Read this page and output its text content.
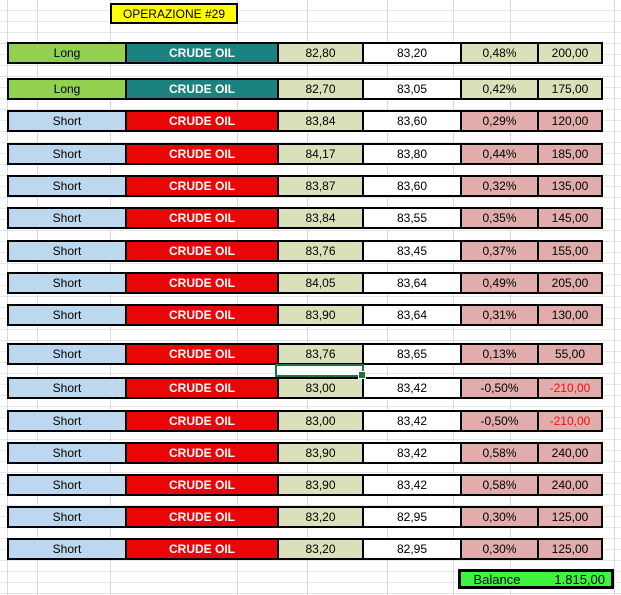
OPERAZIONE #29
Long	CRUDE OIL	82,80	83,20	0,48%	200,00
Long	CRUDE OIL	82,70	83,05	0,42%	175,00
Short	CRUDE OIL	83,84	83,60	0,29%	120,00
Short	CRUDE OIL	84,17	83,80	0,44%	185,00
Short	CRUDE OIL	83,87	83,60	0,32%	135,00
Short	CRUDE OIL	83,84	83,55	0,35%	145,00
Short	CRUDE OIL	83,76	83,45	0,37%	155,00
Short	CRUDE OIL	84,05	83,64	0,49%	205,00
Short	CRUDE OIL	83,90	83,64	0,31%	130,00
Short	CRUDE OIL	83,76	83,65	0,13%	55,00
Short	CRUDE OIL	83,00	83,42	-0,50%	-210,00
Short	CRUDE OIL	83,00	83,42	-0,50%	-210,00
Short	CRUDE OIL	83,90	83,42	0,58%	240,00
Short	CRUDE OIL	83,90	83,42	0,58%	240,00
Short	CRUDE OIL	83,20	82,95	0,30%	125,00
Short	CRUDE OIL	83,20	82,95	0,30%	125,00
Balance	1.815,00
